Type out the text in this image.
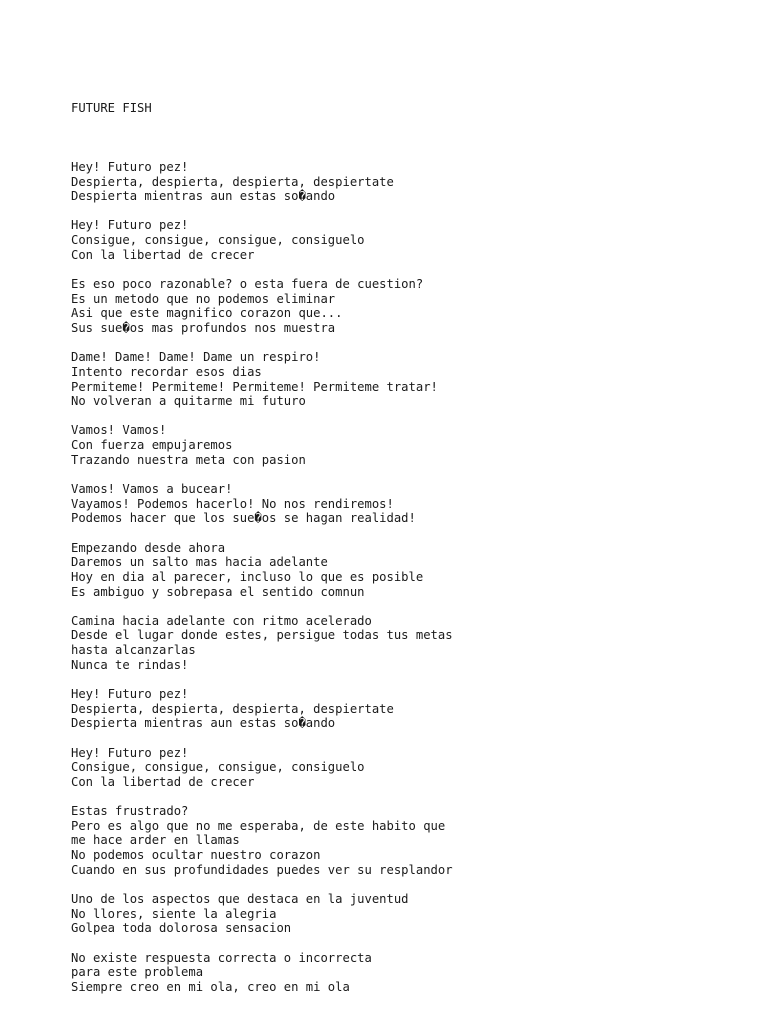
FUTURE FISH

Hey! Futuro pez!
Despierta, despierta, despierta, despiertate
Despierta mientras aun estas so�ando
Hey! Futuro pez!
Consigue, consigue, consigue, consiguelo
Con la libertad de crecer
Es eso poco razonable? o esta fuera de cuestion?
Es un metodo que no podemos eliminar
Asi que este magnifico corazon que...
Sus sue�os mas profundos nos muestra
Dame! Dame! Dame! Dame un respiro!
Intento recordar esos dias
Permiteme! Permiteme! Permiteme! Permiteme tratar!
No volveran a quitarme mi futuro
Vamos! Vamos!
Con fuerza empujaremos
Trazando nuestra meta con pasion
Vamos! Vamos a bucear!
Vayamos! Podemos hacerlo! No nos rendiremos!
Podemos hacer que los sue�os se hagan realidad!
Empezando desde ahora
Daremos un salto mas hacia adelante
Hoy en dia al parecer, incluso lo que es posible
Es ambiguo y sobrepasa el sentido comnun
Camina hacia adelante con ritmo acelerado
Desde el lugar donde estes, persigue todas tus metas
hasta alcanzarlas
Nunca te rindas!
Hey! Futuro pez!
Despierta, despierta, despierta, despiertate
Despierta mientras aun estas so�ando
Hey! Futuro pez!
Consigue, consigue, consigue, consiguelo
Con la libertad de crecer
Estas frustrado?
Pero es algo que no me esperaba, de este habito que
me hace arder en llamas
No podemos ocultar nuestro corazon
Cuando en sus profundidades puedes ver su resplandor
Uno de los aspectos que destaca en la juventud
No llores, siente la alegria
Golpea toda dolorosa sensacion
No existe respuesta correcta o incorrecta
para este problema
Siempre creo en mi ola, creo en mi ola
